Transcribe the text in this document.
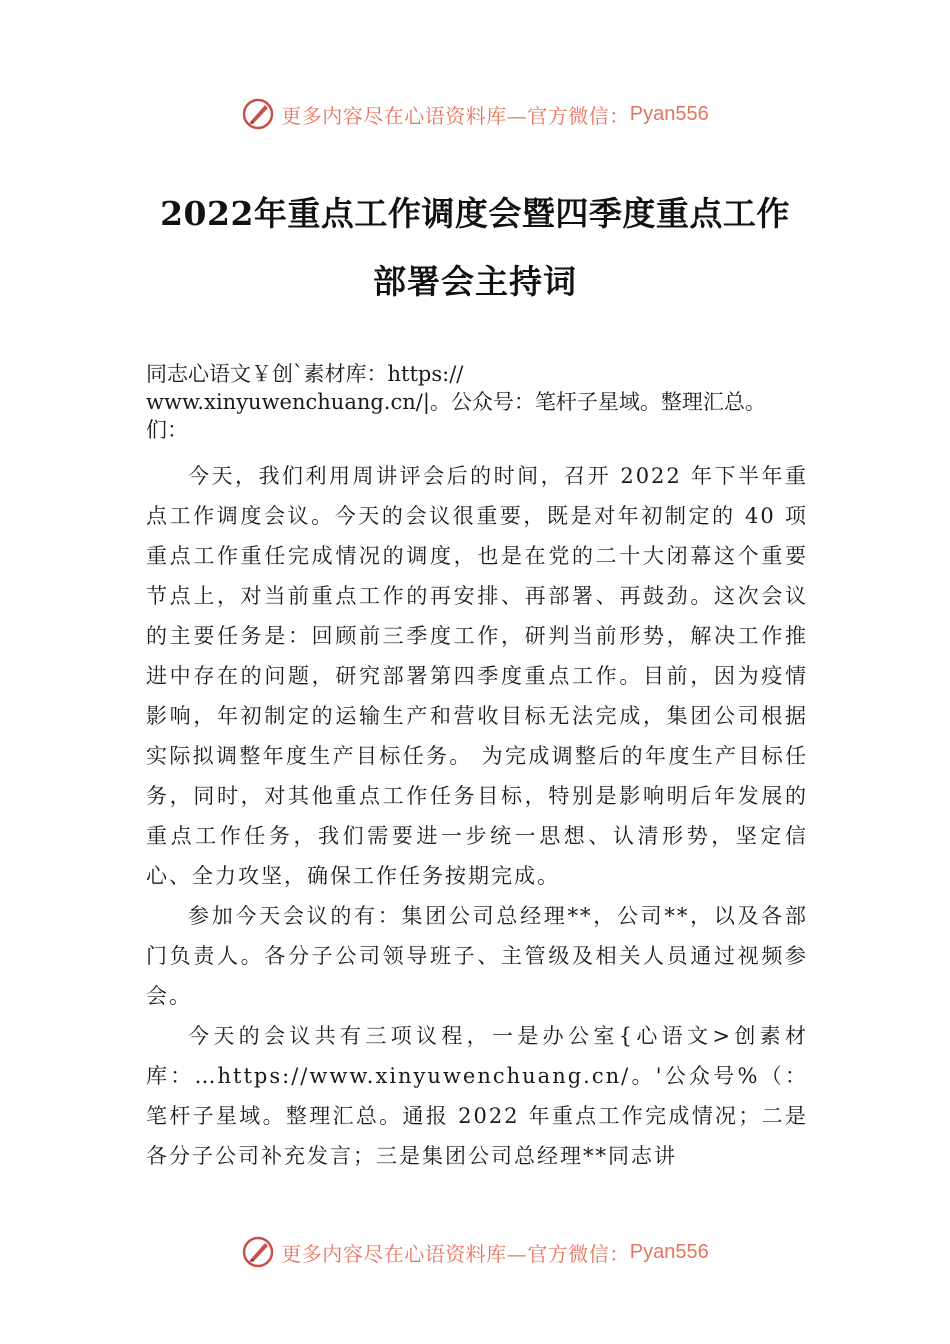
更多内容尽在心语资料库—官方微信： Pyan556
2022年重点工作调度会暨四季度重点工作
部署会主持词
同志心语文￥创`素材库：https://
www.xinyuwenchuang.cn/|。公众号：笔杆子星域。整理汇总。
们：

今天，我们利用周讲评会后的时间，召开 2022 年下半年重点工作调度会议。今天的会议很重要，既是对年初制定的 40 项重点工作重任完成情况的调度，也是在党的二十大闭幕这个重要节点上，对当前重点工作的再安排、再部署、再鼓劲。这次会议的主要任务是：回顾前三季度工作，研判当前形势，解决工作推进中存在的问题，研究部署第四季度重点工作。目前，因为疫情影响，年初制定的运输生产和营收目标无法完成，集团公司根据实际拟调整年度生产目标任务。 为完成调整后的年度生产目标任务，同时，对其他重点工作任务目标，特别是影响明后年发展的重点工作任务，我们需要进一步统一思想、认清形势，坚定信心、全力攻坚，确保工作任务按期完成。

参加今天会议的有：集团公司总经理**，公司**，以及各部门负责人。各分子公司领导班子、主管级及相关人员通过视频参会。

今天的会议共有三项议程，一是办公室{心语文>创素材库：…https://www.xinyuwenchuang.cn/。'公众号%（：笔杆子星域。整理汇总。通报 2022 年重点工作完成情况；二是各分子公司补充发言；三是集团公司总经理**同志讲

更多内容尽在心语资料库—官方微信： Pyan556
